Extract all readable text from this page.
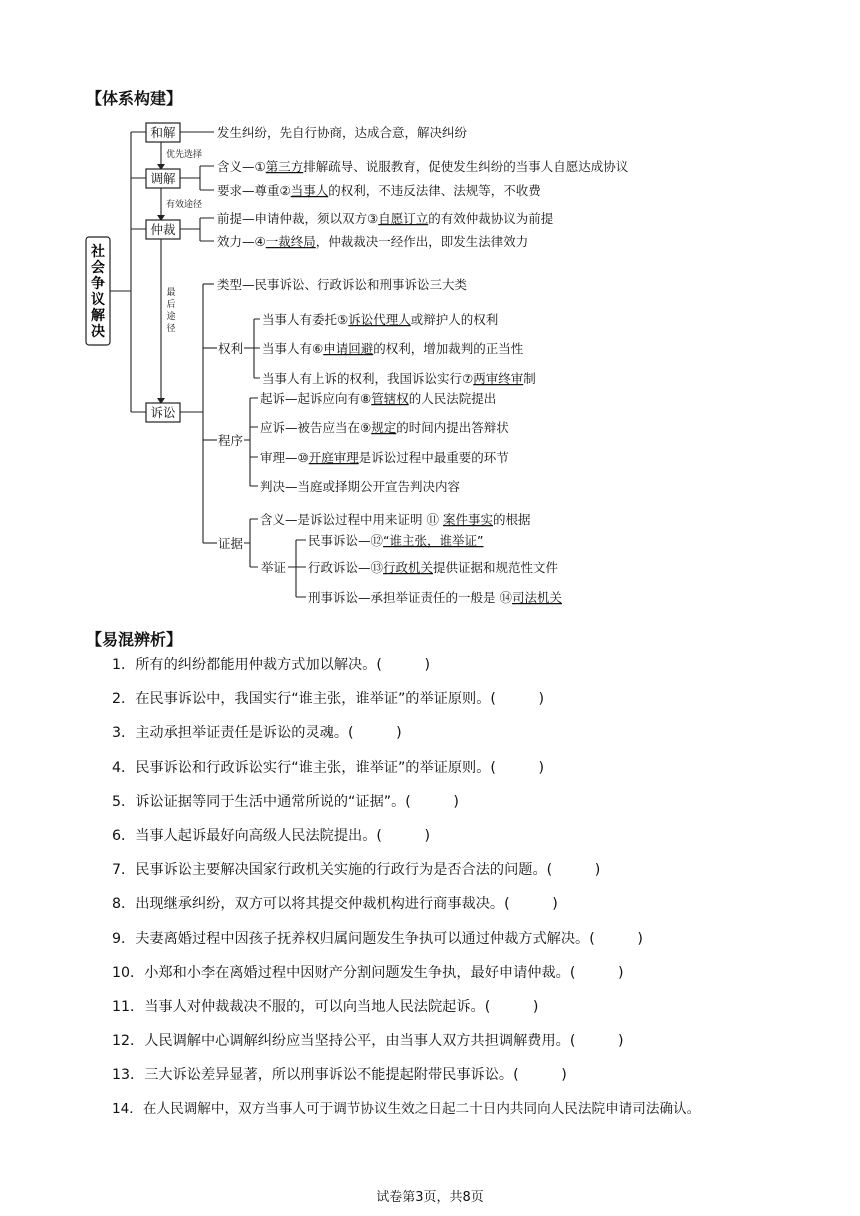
【体系构建】
社
会
争
议
解
决
优先选择
有效途径
最
后
途
径
和解	发生纠纷，先自行协商，达成合意，解决纠纷
调解
含义—①第三方排解疏导、说服教育，促使发生纠纷的当事人自愿达成协议
要求—尊重②当事人的权利，不违反法律、法规等，不收费
仲裁
前提—申请仲裁，须以双方③自愿订立的有效仲裁协议为前提
效力—④一裁终局，仲裁裁决一经作出，即发生法律效力
诉讼
类型—民事诉讼、行政诉讼和刑事诉讼三大类
权利
当事人有委托⑤诉讼代理人或辩护人的权利
当事人有⑥申请回避的权利，增加裁判的正当性
当事人有上诉的权利，我国诉讼实行⑦两审终审制
程序
起诉—起诉应向有⑧管辖权的人民法院提出
应诉—被告应当在⑨规定的时间内提出答辩状
审理—⑩开庭审理是诉讼过程中最重要的环节
判决—当庭或择期公开宣告判决内容
证据
含义—是诉讼过程中用来证明 ⑪ 案件事实的根据
举证
民事诉讼—⑫“谁主张，谁举证”
行政诉讼—⑬行政机关提供证据和规范性文件
刑事诉讼—承担举证责任的一般是 ⑭司法机关
【易混辨析】
1．所有的纠纷都能用仲裁方式加以解决。(　　　)
2．在民事诉讼中，我国实行“谁主张，谁举证”的举证原则。(　　　)
3．主动承担举证责任是诉讼的灵魂。(　　　)
4．民事诉讼和行政诉讼实行“谁主张，谁举证”的举证原则。(　　　)
5．诉讼证据等同于生活中通常所说的“证据”。(　　　)
6．当事人起诉最好向高级人民法院提出。(　　　)
7．民事诉讼主要解决国家行政机关实施的行政行为是否合法的问题。(　　　)
8．出现继承纠纷，双方可以将其提交仲裁机构进行商事裁决。(　　　)
9．夫妻离婚过程中因孩子抚养权归属问题发生争执可以通过仲裁方式解决。(　　　)
10．小郑和小李在离婚过程中因财产分割问题发生争执，最好申请仲裁。(　　　)
11．当事人对仲裁裁决不服的，可以向当地人民法院起诉。(　　　)
12．人民调解中心调解纠纷应当坚持公平，由当事人双方共担调解费用。(　　　)
13．三大诉讼差异显著，所以刑事诉讼不能提起附带民事诉讼。(　　　)
14．在人民调解中，双方当事人可于调节协议生效之日起二十日内共同向人民法院申请司法确认。
试卷第3页，共8页
